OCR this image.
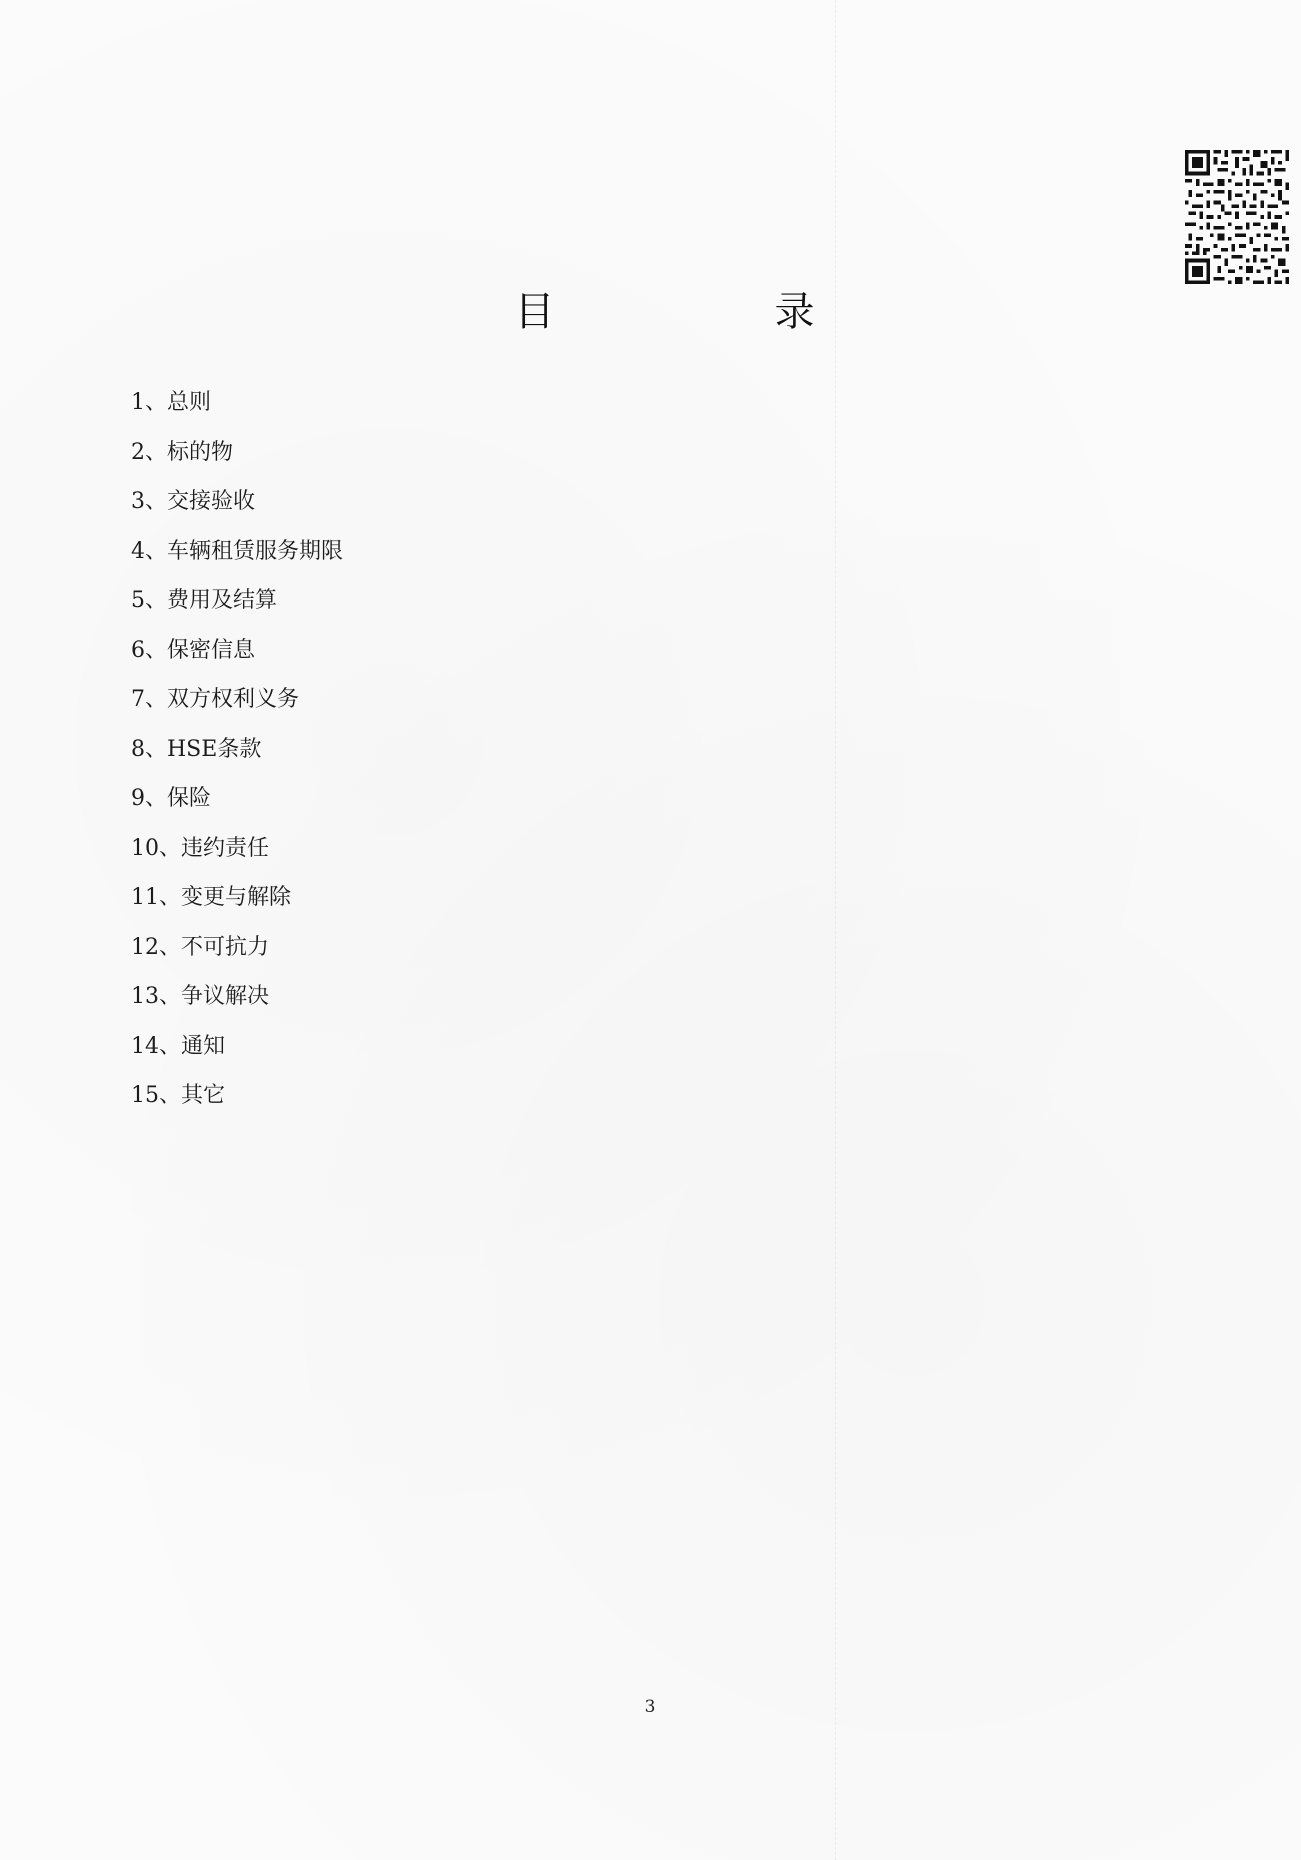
目　录
1、总则
2、标的物
3、交接验收
4、车辆租赁服务期限
5、费用及结算
6、保密信息
7、双方权利义务
8、HSE条款
9、保险
10、违约责任
11、变更与解除
12、不可抗力
13、争议解决
14、通知
15、其它
3
